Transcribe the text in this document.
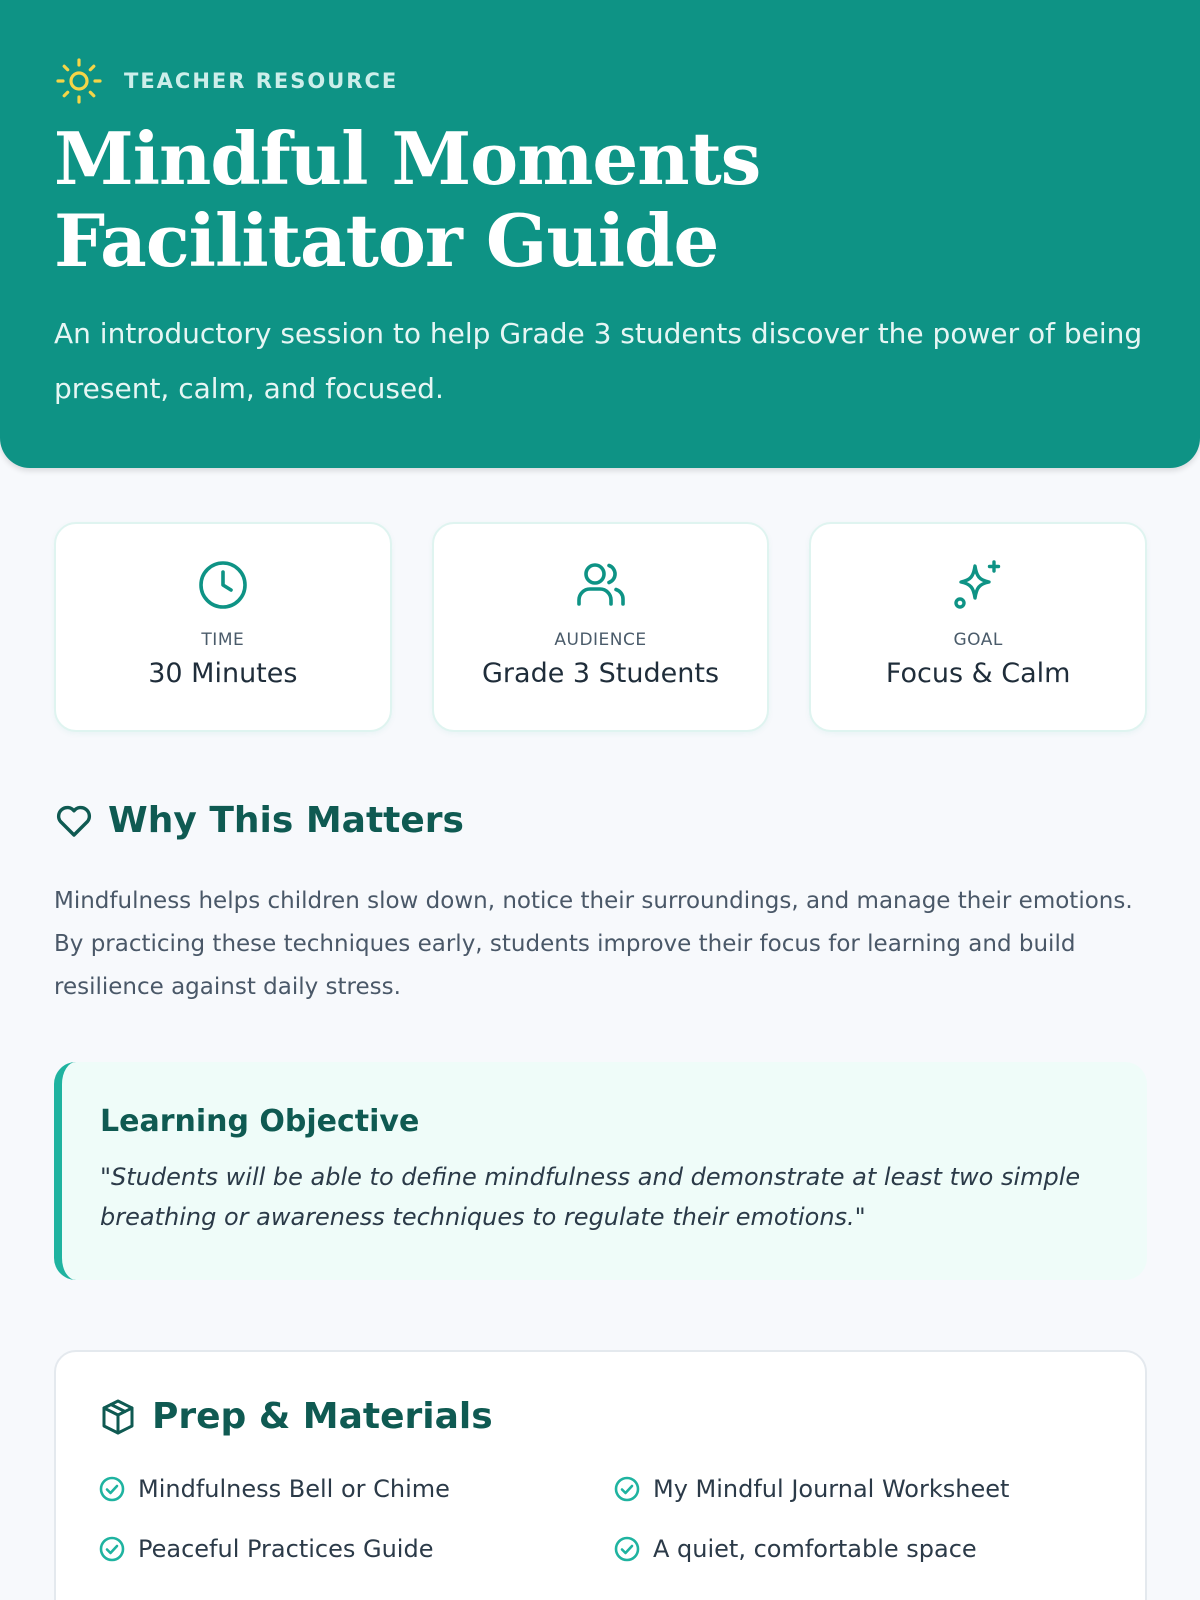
TEACHER RESOURCE
Mindful Moments Facilitator Guide

An introductory session to help Grade 3 students discover the power of being present, calm, and focused.

TIME
30 Minutes
AUDIENCE
Grade 3 Students
GOAL
Focus & Calm
Why This Matters

Mindfulness helps children slow down, notice their surroundings, and manage their emotions. By practicing these techniques early, students improve their focus for learning and build resilience against daily stress.

Learning Objective

"Students will be able to define mindfulness and demonstrate at least two simple breathing or awareness techniques to regulate their emotions."

Prep & Materials
Mindfulness Bell or Chime	My Mindful Journal Worksheet
Peaceful Practices Guide	A quiet, comfortable space
